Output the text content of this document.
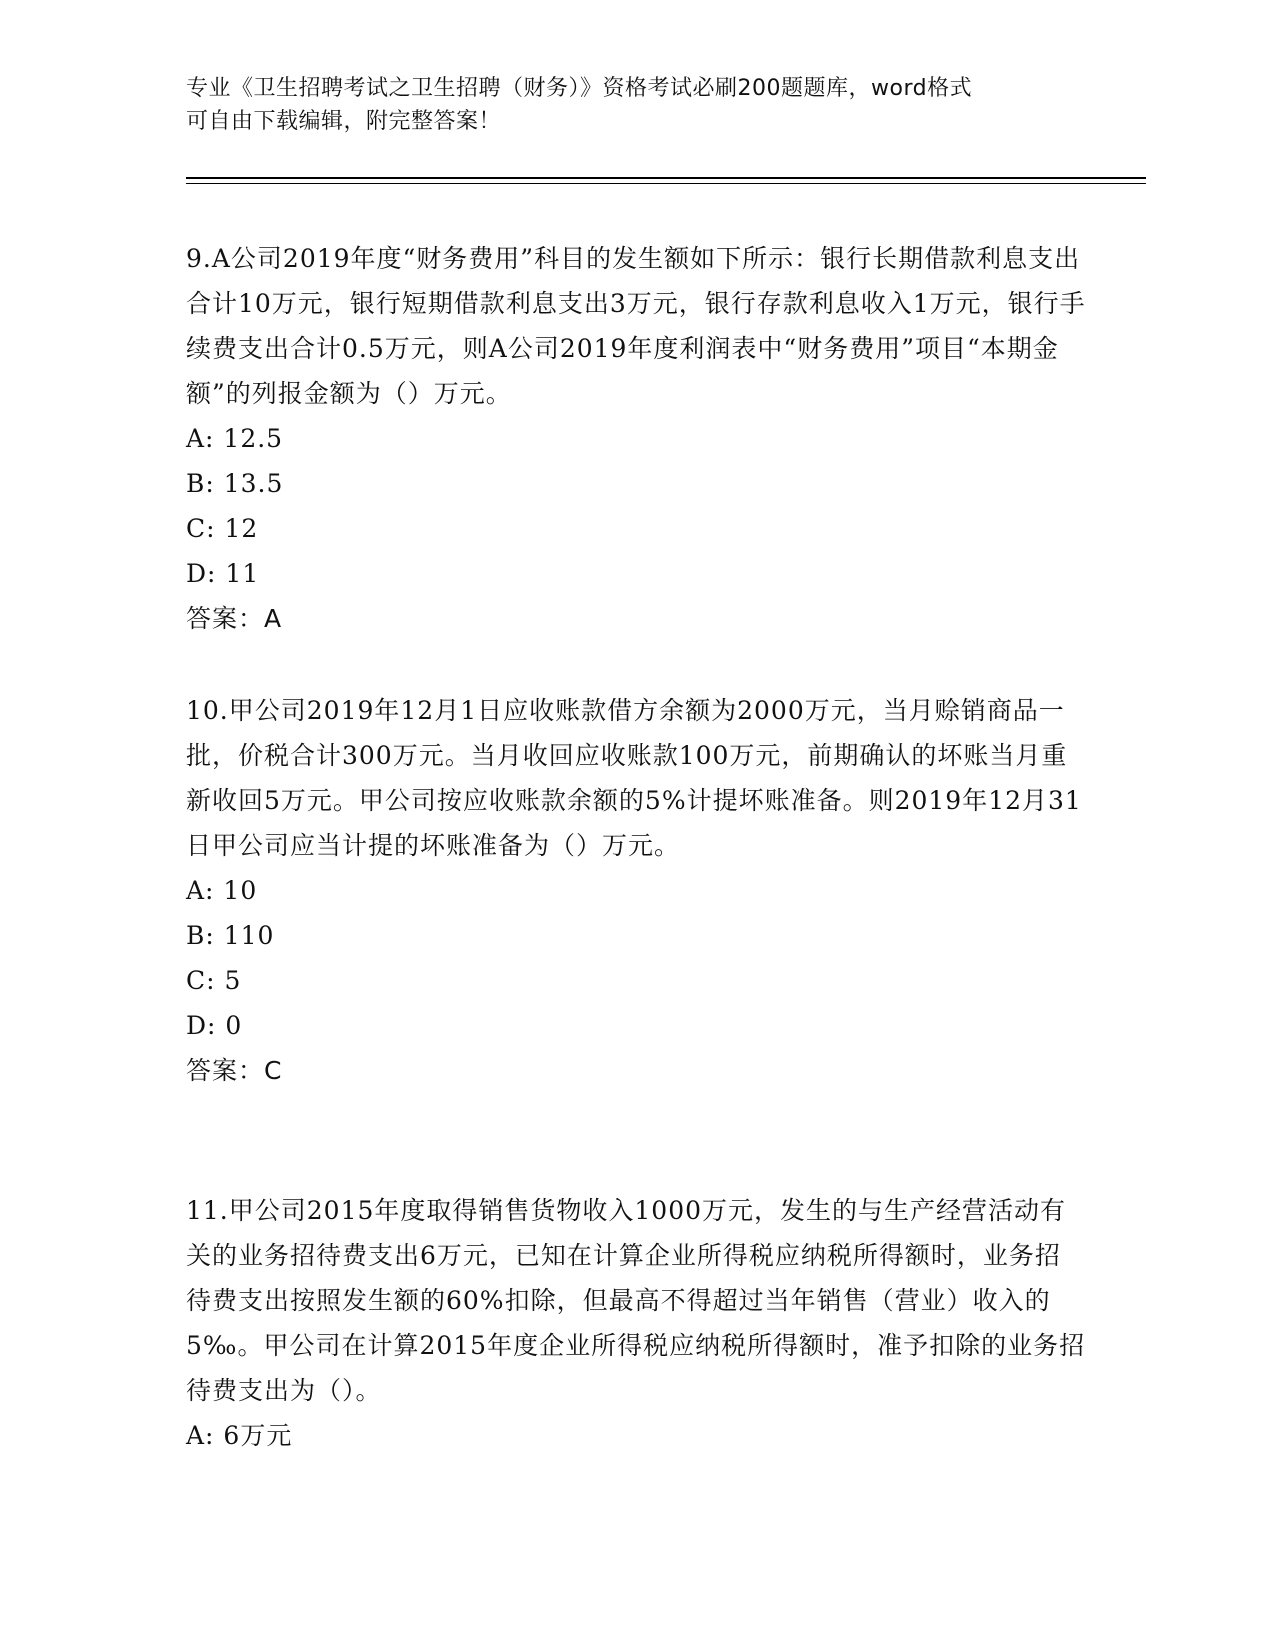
专业《卫生招聘考试之卫生招聘（财务）》资格考试必刷200题题库，word格式
可自由下载编辑，附完整答案！

9.A公司2019年度“财务费用”科目的发生额如下所示：银行长期借款利息支出合计10万元，银行短期借款利息支出3万元，银行存款利息收入1万元，银行手续费支出合计0.5万元，则A公司2019年度利润表中“财务费用”项目“本期金额”的列报金额为（）万元。

A: 12.5

B: 13.5

C: 12

D: 11

答案：A

10.甲公司2019年12月1日应收账款借方余额为2000万元，当月赊销商品一批，价税合计300万元。当月收回应收账款100万元，前期确认的坏账当月重新收回5万元。甲公司按应收账款余额的5%计提坏账准备。则2019年12月31日甲公司应当计提的坏账准备为（）万元。

A: 10

B: 110

C: 5

D: 0

答案：C

11.甲公司2015年度取得销售货物收入1000万元，发生的与生产经营活动有关的业务招待费支出6万元，已知在计算企业所得税应纳税所得额时，业务招待费支出按照发生额的60%扣除，但最高不得超过当年销售（营业）收入的5‰。甲公司在计算2015年度企业所得税应纳税所得额时，准予扣除的业务招待费支出为（）。

A: 6万元
